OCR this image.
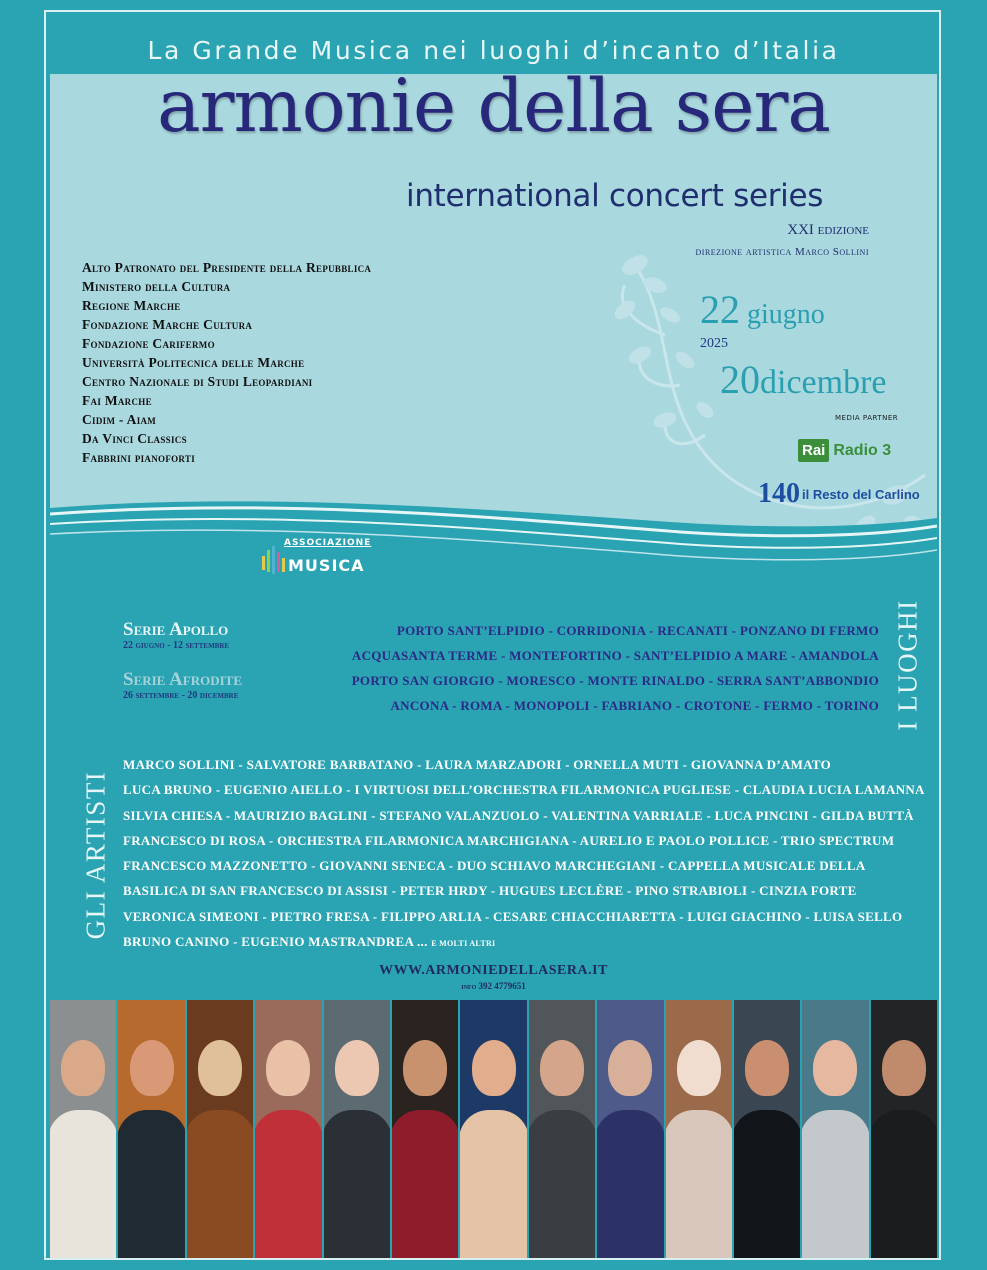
La Grande Musica nei luoghi d’incanto d’Italia
armonie della sera
international concert series
XXI edizione
direzione artistica Marco Sollini
Alto Patronato del Presidente della Repubblica
Ministero della Cultura
Regione Marche
Fondazione Marche Cultura
Fondazione Carifermo
Università Politecnica delle Marche
Centro Nazionale di Studi Leopardiani
Fai Marche
Cidim - Aiam
Da Vinci Classics
Fabbrini pianoforti
22 giugno
2025
20dicembre
MEDIA PARTNER
Rai Radio 3
140 il Resto del Carlino
ASSOCIAZIONE
MUSICA
Serie Apollo
22 giugno - 12 settembre
Serie Afrodite
26 settembre - 20 dicembre
PORTO SANT’ELPIDIO - CORRIDONIA - RECANATI - PONZANO DI FERMO
ACQUASANTA TERME - MONTEFORTINO - SANT’ELPIDIO A MARE - AMANDOLA
PORTO SAN GIORGIO - MORESCO - MONTE RINALDO - SERRA SANT’ABBONDIO
ANCONA - ROMA - MONOPOLI - FABRIANO - CROTONE - FERMO - TORINO I LUOGHI
GLI ARTISTI
MARCO SOLLINI - SALVATORE BARBATANO - LAURA MARZADORI - ORNELLA MUTI - GIOVANNA D’AMATO
LUCA BRUNO - EUGENIO AIELLO - I VIRTUOSI DELL’ORCHESTRA FILARMONICA PUGLIESE - CLAUDIA LUCIA LAMANNA
SILVIA CHIESA - MAURIZIO BAGLINI - STEFANO VALANZUOLO - VALENTINA VARRIALE - LUCA PINCINI - GILDA BUTTÀ
FRANCESCO DI ROSA - ORCHESTRA FILARMONICA MARCHIGIANA - AURELIO E PAOLO POLLICE - TRIO SPECTRUM
FRANCESCO MAZZONETTO - GIOVANNI SENECA - DUO SCHIAVO MARCHEGIANI - CAPPELLA MUSICALE DELLA
BASILICA DI SAN FRANCESCO DI ASSISI - PETER HRDY - HUGUES LECLÈRE - PINO STRABIOLI - CINZIA FORTE
VERONICA SIMEONI - PIETRO FRESA - FILIPPO ARLIA - CESARE CHIACCHIARETTA - LUIGI GIACHINO - LUISA SELLO
BRUNO CANINO - EUGENIO MASTRANDREA ... E MOLTI ALTRI
WWW.ARMONIEDELLASERA.IT
info 392 4779651
